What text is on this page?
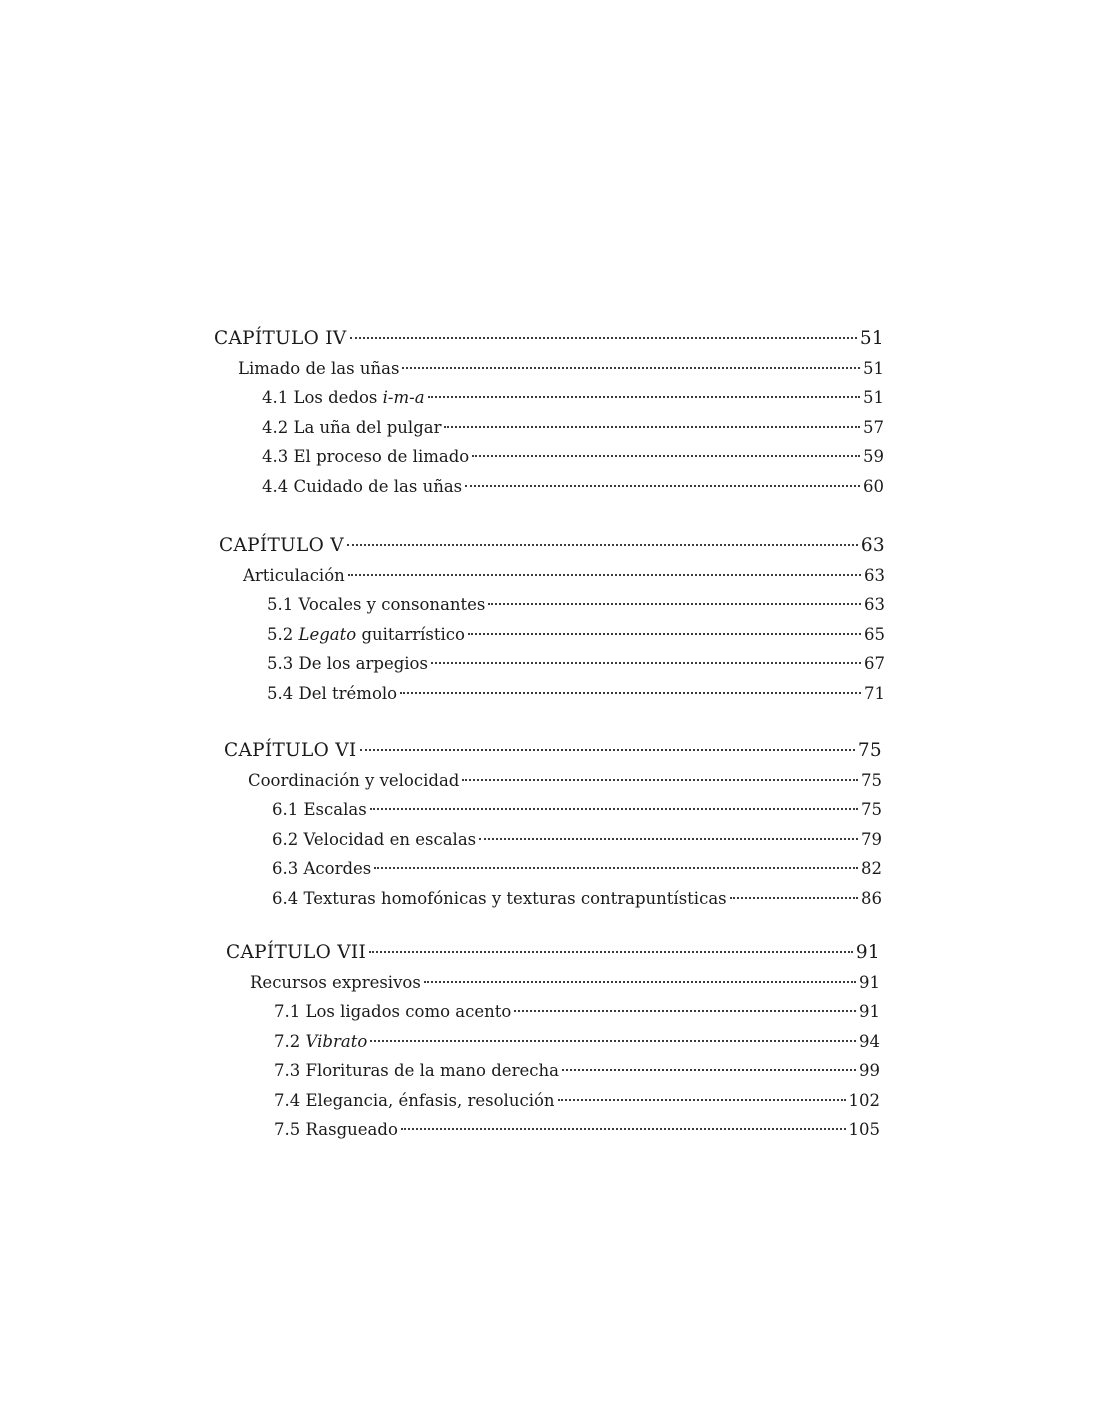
CAPÍTULO IV	51
Limado de las uñas	51
4.1 Los dedos i-m-a	51
4.2 La uña del pulgar	57
4.3 El proceso de limado	59
4.4 Cuidado de las uñas	60
CAPÍTULO V	63
Articulación	63
5.1 Vocales y consonantes	63
5.2 Legato guitarrístico	65
5.3 De los arpegios	67
5.4 Del trémolo	71
CAPÍTULO VI	75
Coordinación y velocidad	75
6.1 Escalas	75
6.2 Velocidad en escalas	79
6.3 Acordes	82
6.4 Texturas homofónicas y texturas contrapuntísticas	86
CAPÍTULO VII	91
Recursos expresivos	91
7.1 Los ligados como acento	91
7.2 Vibrato	94
7.3 Florituras de la mano derecha	99
7.4 Elegancia, énfasis, resolución	102
7.5 Rasgueado	105
